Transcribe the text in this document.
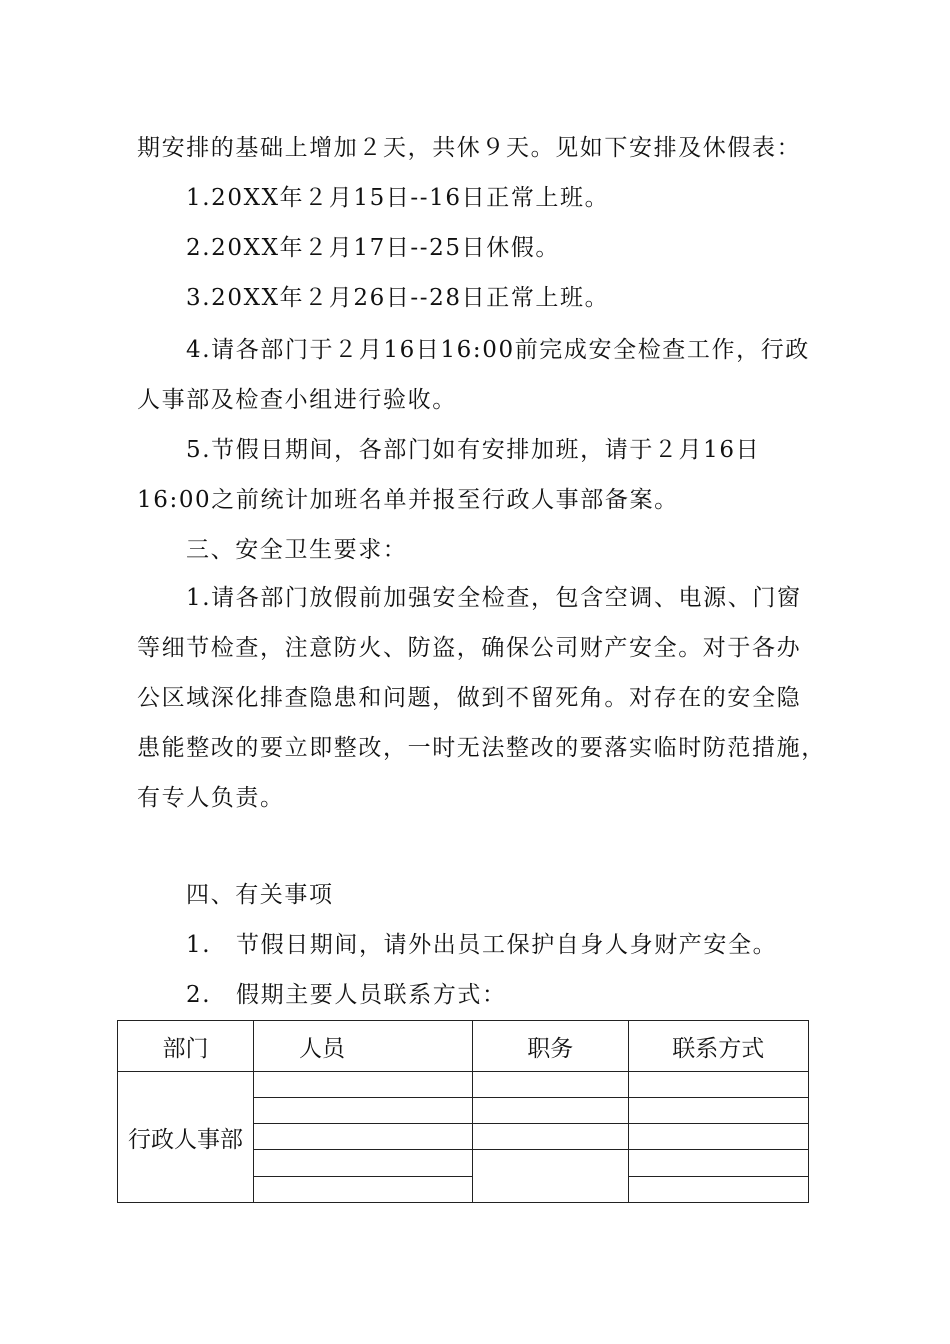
期安排的基础上增加２天，共休９天。见如下安排及休假表：
1.20XX年２月15日--16日正常上班。
2.20XX年２月17日--25日休假。
3.20XX年２月26日--28日正常上班。
4.请各部门于２月16日16:00前完成安全检查工作，行政
人事部及检查小组进行验收。
5.节假日期间，各部门如有安排加班，请于２月16日
16:00之前统计加班名单并报至行政人事部备案。
三、安全卫生要求：
1.请各部门放假前加强安全检查，包含空调、电源、门窗
等细节检查，注意防火、防盗，确保公司财产安全。对于各办
公区域深化排查隐患和问题，做到不留死角。对存在的安全隐
患能整改的要立即整改，一时无法整改的要落实临时防范措施，
有专人负责。
四、有关事项
1. 节假日期间，请外出员工保护自身人身财产安全。
2. 假期主要人员联系方式：
部门	人员	职务	联系方式
行政人事部			
